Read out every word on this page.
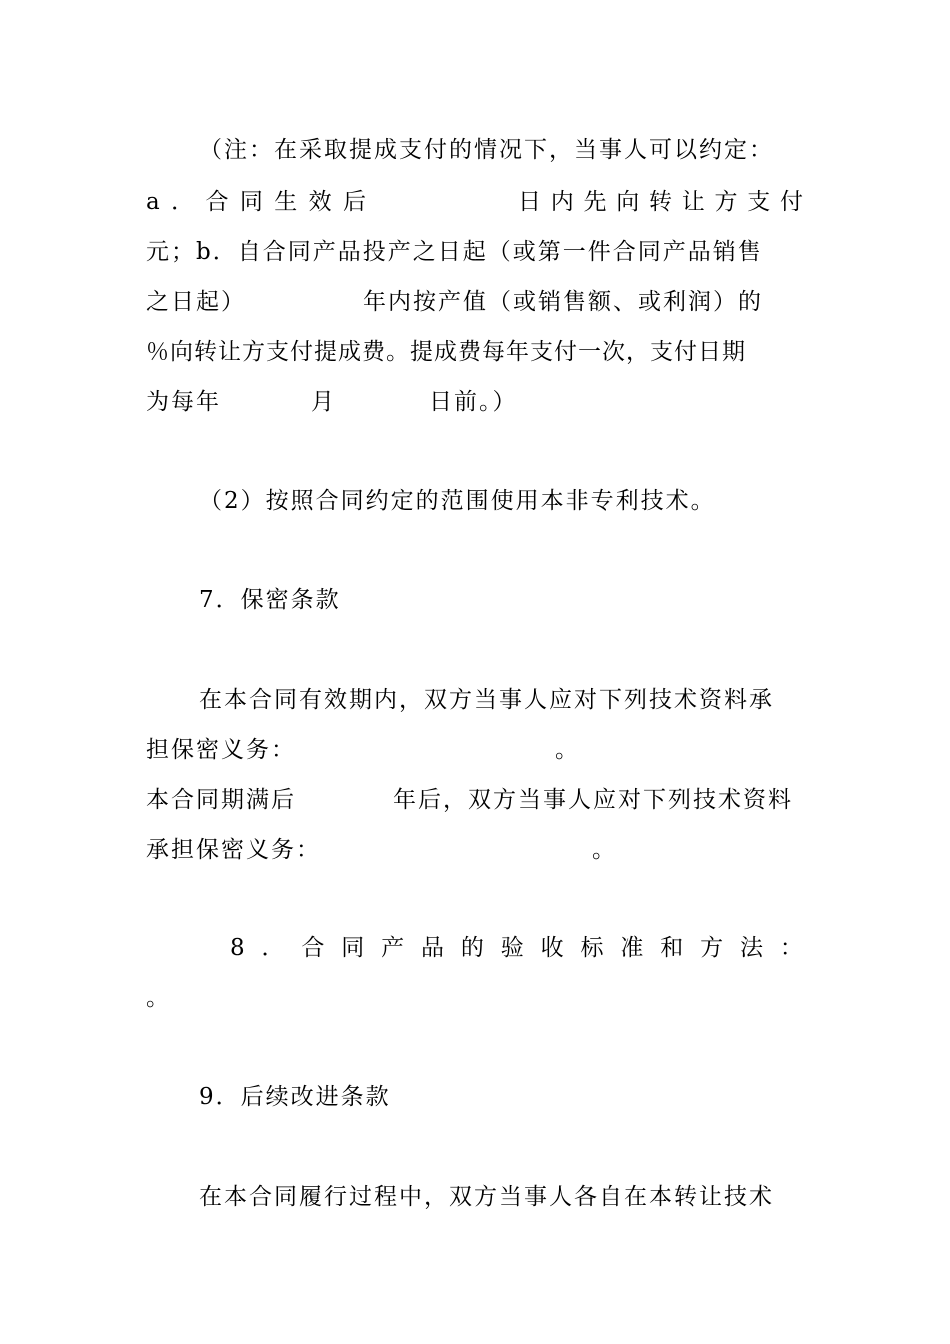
（注：在采取提成支付的情况下，当事人可以约定：
a ． 合 同 生 效 后	日 内 先 向 转 让 方 支 付
元；b．自合同产品投产之日起（或第一件合同产品销售
之日起）	年内按产值（或销售额、或利润）的
％向转让方支付提成费。提成费每年支付一次，支付日期
为每年	月	日前。）
（2）按照合同约定的范围使用本非专利技术。
7．保密条款
在本合同有效期内，双方当事人应对下列技术资料承
担保密义务：	。
本合同期满后	年后，双方当事人应对下列技术资料
承担保密义务：	。
8 ． 合 同 产 品 的 验 收 标 准 和 方 法 ：
。
9．后续改进条款
在本合同履行过程中，双方当事人各自在本转让技术
